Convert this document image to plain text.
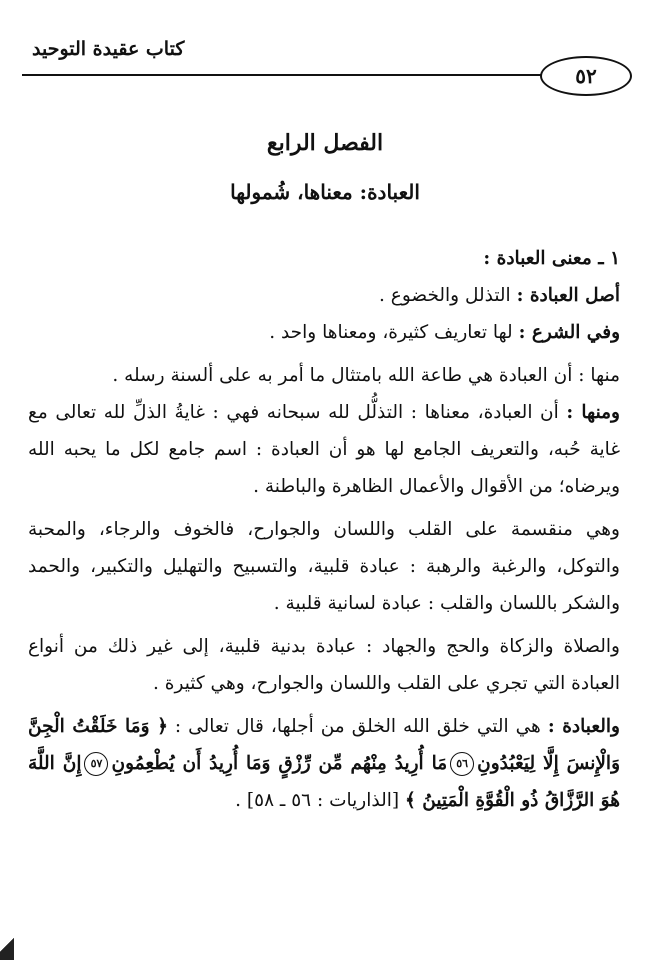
كتاب عقيدة التوحيد
٥٢
الفصل الرابع
العبادة: معناها، شُمولها

١ ـ معنى العبادة :

أصل العبادة : التذلل والخضوع .

وفي الشرع : لها تعاريف كثيرة، ومعناها واحد .

منها : أن العبادة هي طاعة الله بامتثال ما أمر به على ألسنة رسله .

ومنها : أن العبادة، معناها : التذلُّل لله سبحانه فهي : غايةُ الذلِّ لله تعالى مع غاية حُبه، والتعريف الجامع لها هو أن العبادة : اسم جامع لكل ما يحبه الله ويرضاه؛ من الأقوال والأعمال الظاهرة والباطنة .

وهي منقسمة على القلب واللسان والجوارح، فالخوف والرجاء، والمحبة والتوكل، والرغبة والرهبة : عبادة قلبية، والتسبيح والتهليل والتكبير، والحمد والشكر باللسان والقلب : عبادة لسانية قلبية .

والصلاة والزكاة والحج والجهاد : عبادة بدنية قلبية، إلى غير ذلك من أنواع العبادة التي تجري على القلب واللسان والجوارح، وهي كثيرة .

والعبادة : هي التي خلق الله الخلق من أجلها، قال تعالى : ﴿ وَمَا خَلَقْتُ الْجِنَّ وَالْإِنسَ إِلَّا لِيَعْبُدُونِ٥٦مَا أُرِيدُ مِنْهُم مِّن رِّزْقٍ وَمَا أُرِيدُ أَن يُطْعِمُونِ٥٧إِنَّ اللَّهَ هُوَ الرَّزَّاقُ ذُو الْقُوَّةِ الْمَتِينُ ﴾ [الذاريات : ٥٦ ـ ٥٨] .
